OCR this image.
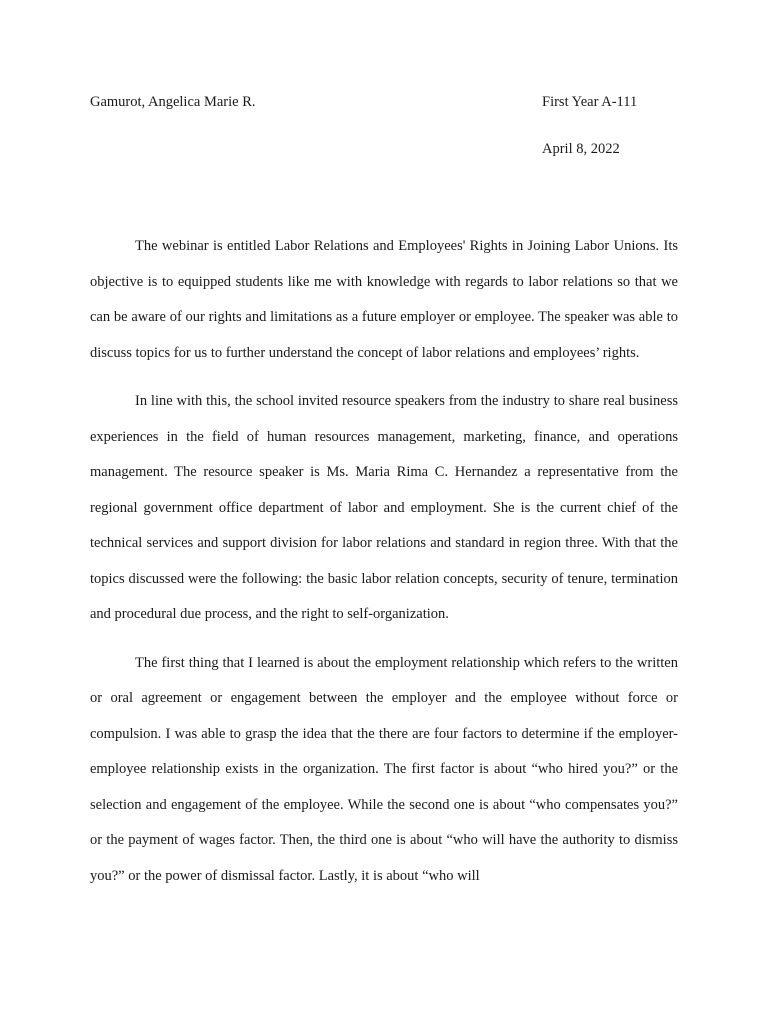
Gamurot, Angelica Marie R.	First Year A-111
April 8, 2022

The webinar is entitled Labor Relations and Employees' Rights in Joining Labor Unions. Its objective is to equipped students like me with knowledge with regards to labor relations so that we can be aware of our rights and limitations as a future employer or employee. The speaker was able to discuss topics for us to further understand the concept of labor relations and employees’ rights.

In line with this, the school invited resource speakers from the industry to share real business experiences in the field of human resources management, marketing, finance, and operations management. The resource speaker is Ms. Maria Rima C. Hernandez a representative from the regional government office department of labor and employment. She is the current chief of the technical services and support division for labor relations and standard in region three. With that the topics discussed were the following: the basic labor relation concepts, security of tenure, termination and procedural due process, and the right to self-organization.

The first thing that I learned is about the employment relationship which refers to the written or oral agreement or engagement between the employer and the employee without force or compulsion. I was able to grasp the idea that the there are four factors to determine if the employer-employee relationship exists in the organization. The first factor is about “who hired you?” or the selection and engagement of the employee. While the second one is about “who compensates you?” or the payment of wages factor. Then, the third one is about “who will have the authority to dismiss you?” or the power of dismissal factor. Lastly, it is about “who will
